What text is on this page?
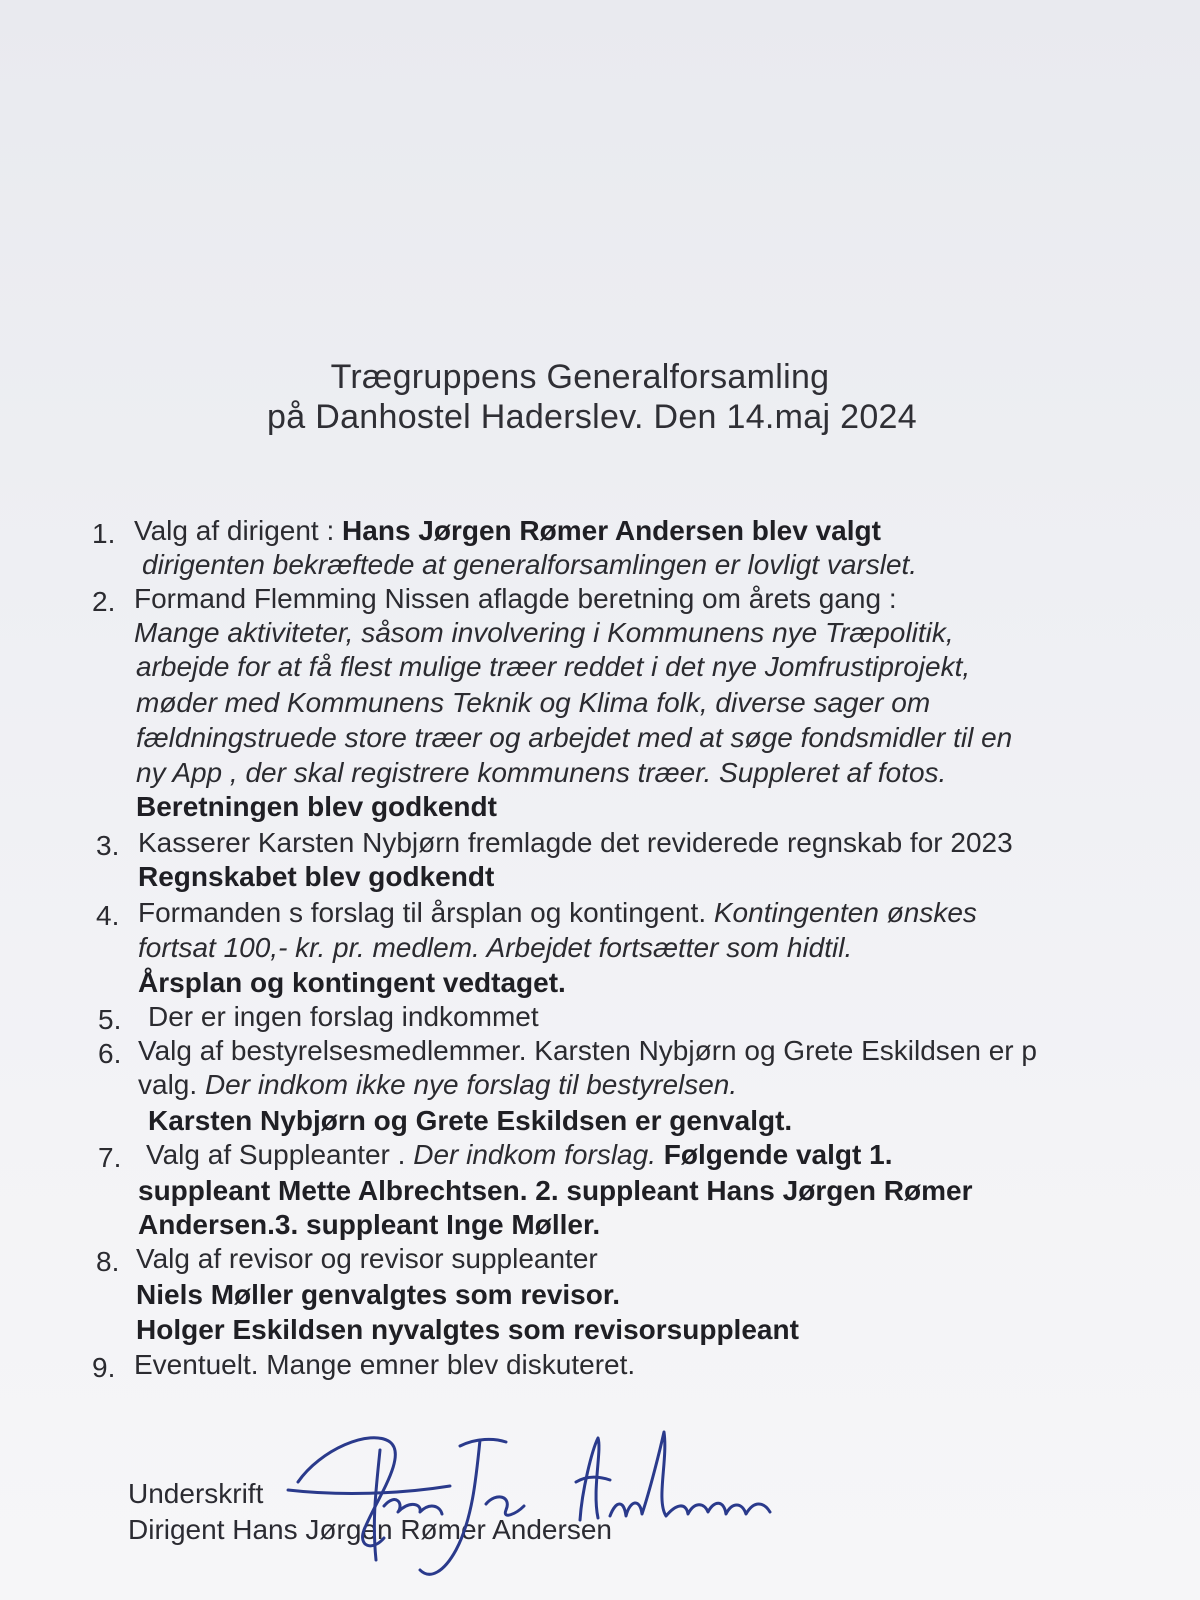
Trægruppens Generalforsamling
på Danhostel Haderslev. Den 14.maj 2024
1. Valg af dirigent : Hans Jørgen Rømer Andersen blev valgt
dirigenten bekræftede at generalforsamlingen er lovligt varslet.
2. Formand Flemming Nissen aflagde beretning om årets gang :
Mange aktiviteter, såsom involvering i Kommunens nye Træpolitik,
arbejde for at få flest mulige træer reddet i det nye Jomfrustiprojekt,
møder med Kommunens Teknik og Klima folk, diverse sager om
fældningstruede store træer og arbejdet med at søge fondsmidler til en
ny App , der skal registrere kommunens træer. Suppleret af fotos.
Beretningen blev godkendt
3. Kasserer Karsten Nybjørn fremlagde det reviderede regnskab for 2023
Regnskabet blev godkendt
4. Formanden s forslag til årsplan og kontingent. Kontingenten ønskes
fortsat 100,- kr. pr. medlem. Arbejdet fortsætter som hidtil.
Årsplan og kontingent vedtaget.
5. Der er ingen forslag indkommet
6. Valg af bestyrelsesmedlemmer. Karsten Nybjørn og Grete Eskildsen er p
valg. Der indkom ikke nye forslag til bestyrelsen.
Karsten Nybjørn og Grete Eskildsen er genvalgt.
7. Valg af Suppleanter . Der indkom forslag. Følgende valgt 1.
suppleant Mette Albrechtsen. 2. suppleant Hans Jørgen Rømer
Andersen.3. suppleant Inge Møller.
8. Valg af revisor og revisor suppleanter
Niels Møller genvalgtes som revisor.
Holger Eskildsen nyvalgtes som revisorsuppleant
9. Eventuelt. Mange emner blev diskuteret.
Underskrift
Dirigent Hans Jørgen Rømer Andersen
Hans Jørgen Andersen
